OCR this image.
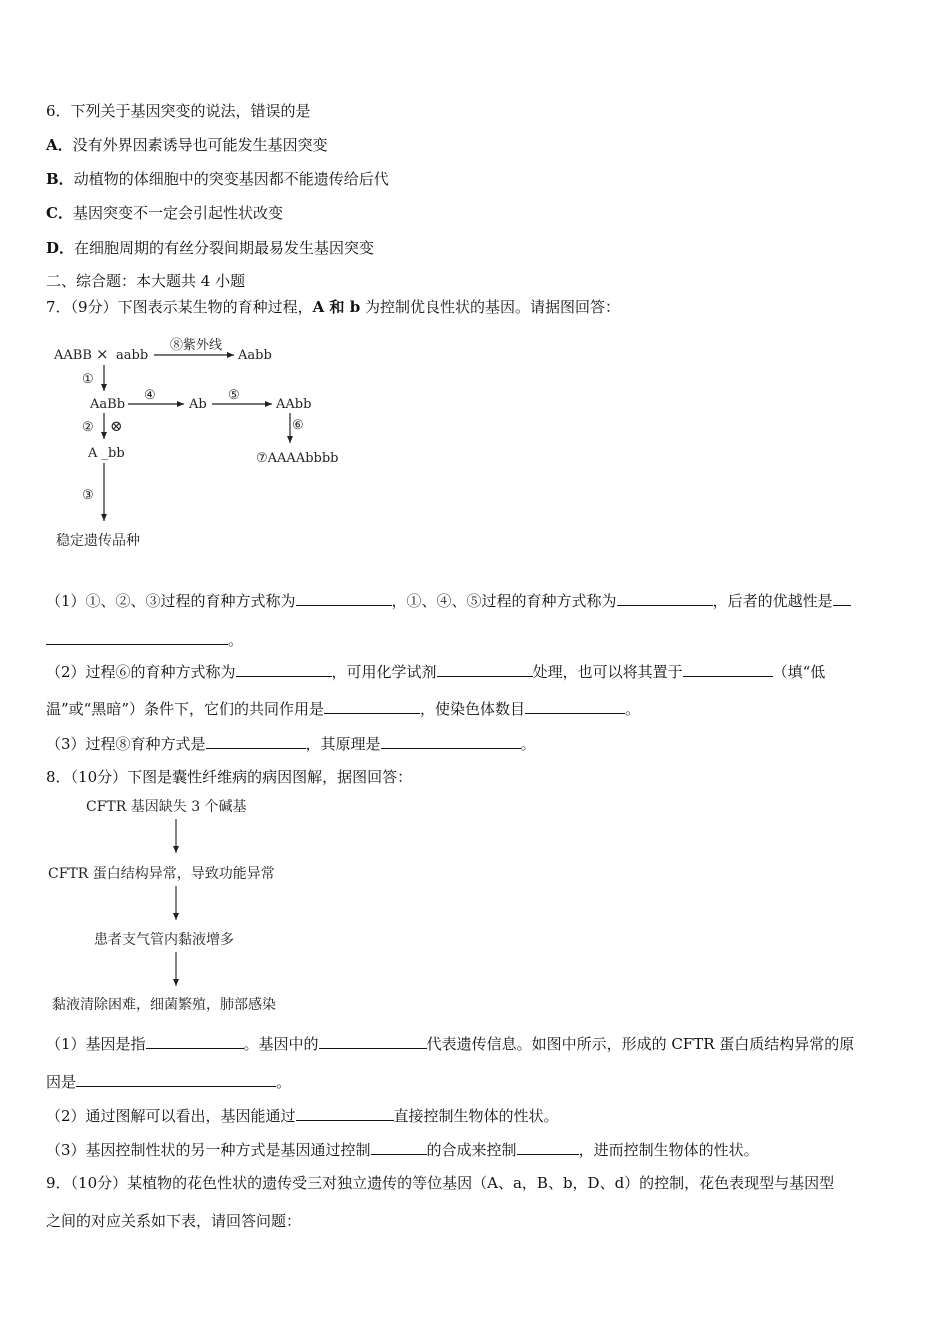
6．下列关于基因突变的说法，错误的是
A．没有外界因素诱导也可能发生基因突变
B．动植物的体细胞中的突变基因都不能遗传给后代
C．基因突变不一定会引起性状改变
D．在细胞周期的有丝分裂间期最易发生基因突变
二、综合题：本大题共 4 小题
7．（9分）下图表示某生物的育种过程，A 和 b 为控制优良性状的基因。请据图回答：
AABB × aabb
⑧紫外线
Aabb
①
AaBb
④
Ab
⑤
AAbb
② ⊗	⑥
A _bb	⑦AAAAbbbb
③
稳定遗传品种
（1）①、②、③过程的育种方式称为	，①、④、⑤过程的育种方式称为	，后者的优越性是
。
（2）过程⑥的育种方式称为	，可用化学试剂	处理，也可以将其置于	（填“低
温”或“黑暗”）条件下，它们的共同作用是	，使染色体数目	。
（3）过程⑧育种方式是	，其原理是	。
8．（10分）下图是囊性纤维病的病因图解，据图回答：
CFTR 基因缺失 3 个碱基
CFTR 蛋白结构异常，导致功能异常
患者支气管内黏液增多
黏液清除困难，细菌繁殖，肺部感染
（1）基因是指	。基因中的	代表遗传信息。如图中所示，形成的 CFTR 蛋白质结构异常的原
因是	。
（2）通过图解可以看出，基因能通过	直接控制生物体的性状。
（3）基因控制性状的另一种方式是基因通过控制	的合成来控制	，进而控制生物体的性状。
9．（10分）某植物的花色性状的遗传受三对独立遗传的等位基因（A、a，B、b，D、d）的控制，花色表现型与基因型
之间的对应关系如下表，请回答问题：
